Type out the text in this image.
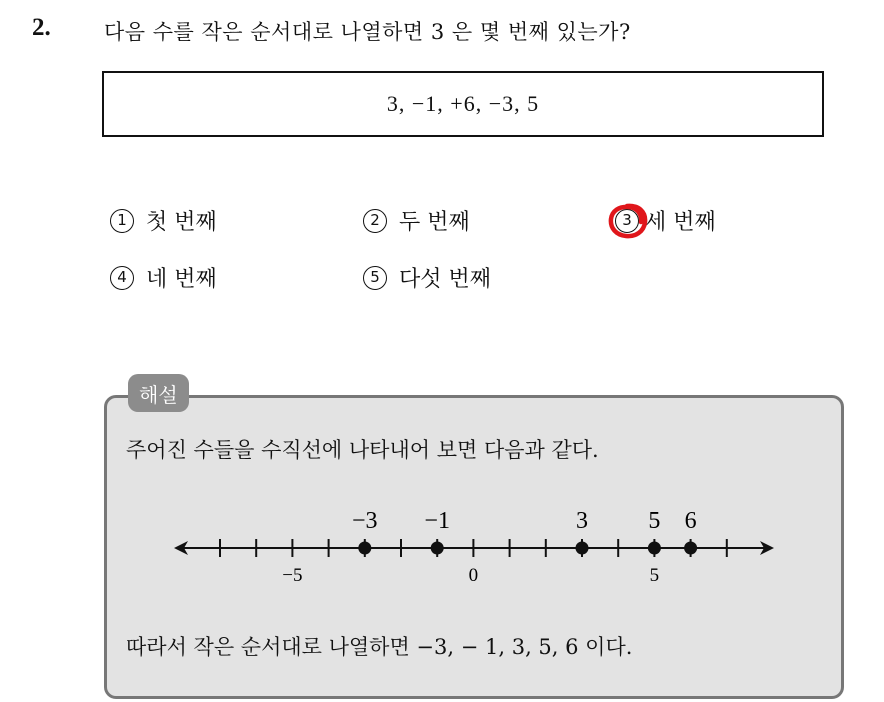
2.	다음 수를 작은 순서대로 나열하면 3 은 몇 번째 있는가?
3, −1, +6, −3, 5
1 첫 번째	2 두 번째	3 세 번째
4 네 번째	5 다섯 번째
해설
주어진 수들을 수직선에 나타내어 보면 다음과 같다.
−3 −1	3	5 6
−5	0	5
따라서 작은 순서대로 나열하면 −3, − 1, 3, 5, 6 이다.
